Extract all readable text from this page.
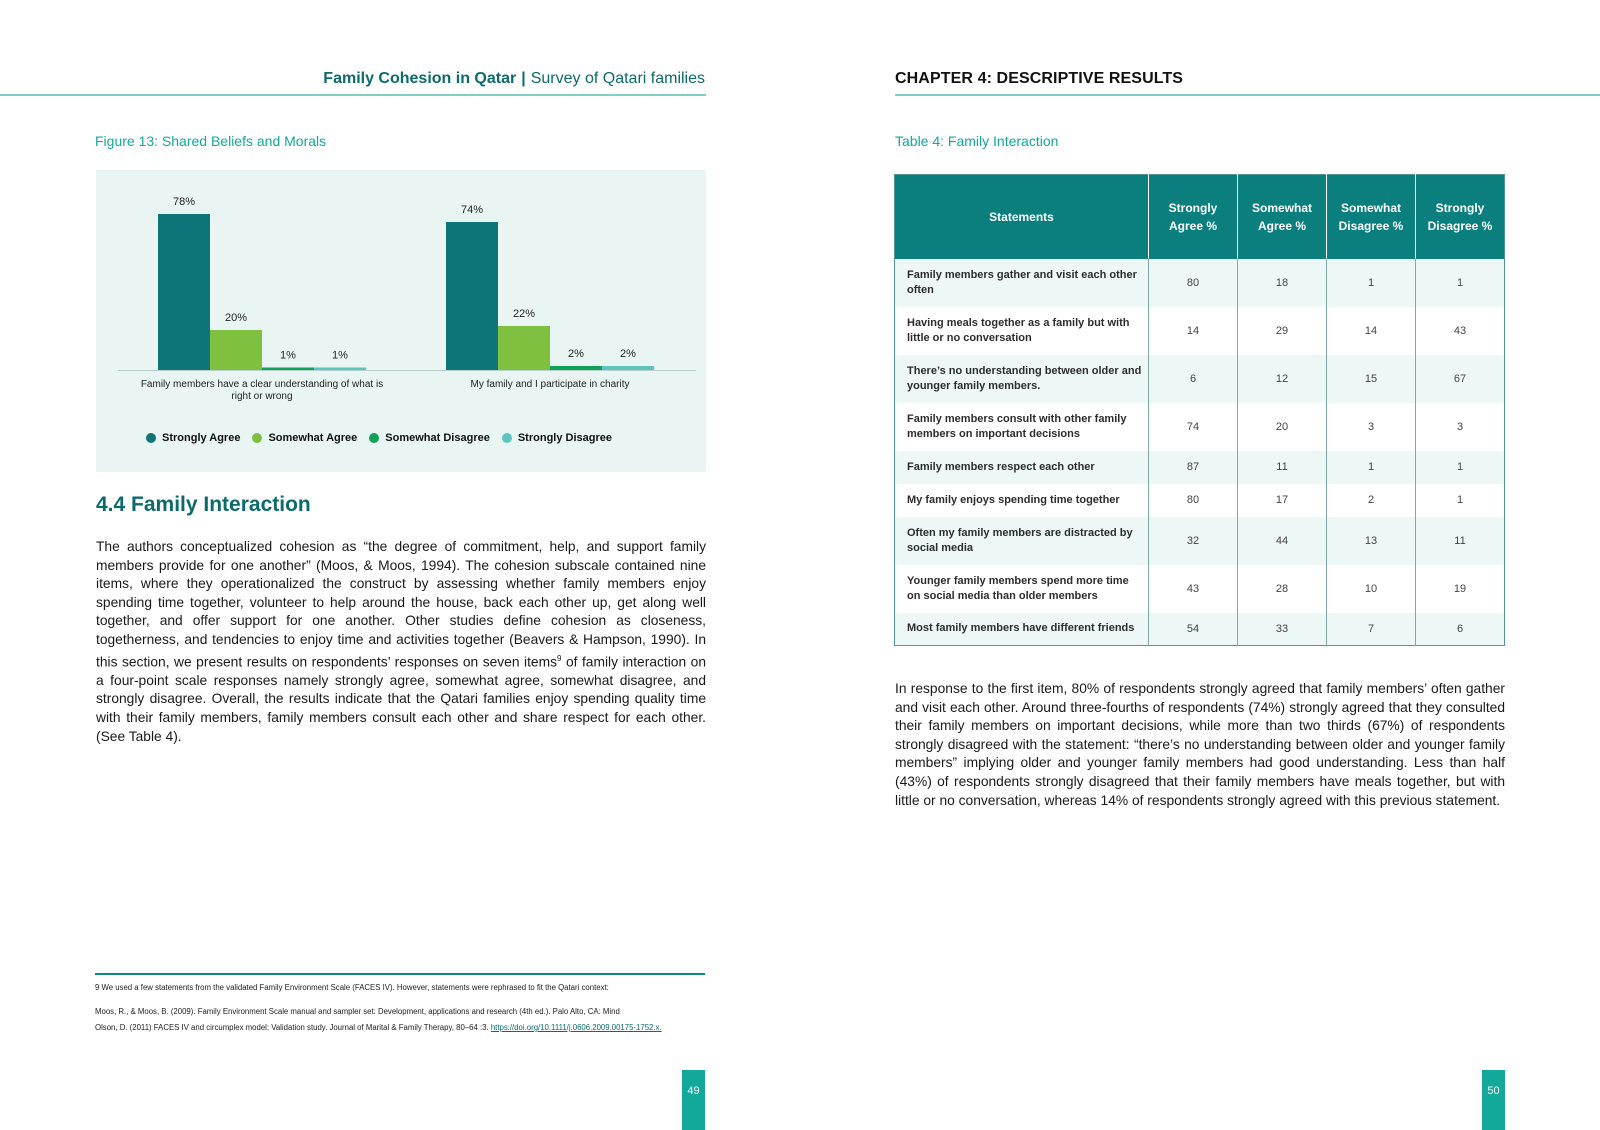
Family Cohesion in Qatar | Survey of Qatari families	CHAPTER 4: DESCRIPTIVE RESULTS
Figure 13: Shared Beliefs and Morals
78%
20%
1%	1%
Family members have a clear understanding of what is
right or wrong
74%
22%
2%	2%
My family and I participate in charity
Strongly Agree	Somewhat Agree	Somewhat Disagree	Strongly Disagree
4.4 Family Interaction
The authors conceptualized cohesion as “the degree of commitment, help, and support family members provide for one another” (Moos, & Moos, 1994). The cohesion subscale contained nine items, where they operationalized the construct by assessing whether family members enjoy spending time together, volunteer to help around the house, back each other up, get along well together, and offer support for one another. Other studies define cohesion as closeness, togetherness, and tendencies to enjoy time and activities together (Beavers & Hampson, 1990). In this section, we present results on respondents’ responses on seven items$^9$ of family interaction on a four-point scale responses namely strongly agree, somewhat agree, somewhat disagree, and strongly disagree. Overall, the results indicate that the Qatari families enjoy spending quality time with their family members, family members consult each other and share respect for each other. (See Table 4).
9 We used a few statements from the validated Family Environment Scale (FACES IV). However, statements were rephrased to fit the Qatari context:
Moos, R., & Moos, B. (2009). Family Environment Scale manual and sampler set: Development, applications and research (4th ed.). Palo Alto, CA: Mind
Olson, D. (2011) FACES IV and circumplex model: Validation study. Journal of Marital & Family Therapy, 80–64 :3. https://doi.org/10.1111/j.0606.2009.00175-1752.x.
49	50
Table 4: Family Interaction
Statements	Strongly Agree %	Somewhat Agree %	Somewhat Disagree %	Strongly Disagree %
Family members gather and visit each other often	80	18	1	1
Having meals together as a family but with little or no conversation	14	29	14	43
There’s no understanding between older and younger family members.	6	12	15	67
Family members consult with other family members on important decisions	74	20	3	3
Family members respect each other	87	11	1	1
My family enjoys spending time together	80	17	2	1
Often my family members are distracted by social media	32	44	13	11
Younger family members spend more time on social media than older members	43	28	10	19
Most family members have different friends	54	33	7	6
In response to the first item, 80% of respondents strongly agreed that family members’ often gather and visit each other. Around three-fourths of respondents (74%) strongly agreed that they consulted their family members on important decisions, while more than two thirds (67%) of respondents strongly disagreed with the statement: “there’s no understanding between older and younger family members” implying older and younger family members had good understanding. Less than half (43%) of respondents strongly disagreed that their family members have meals together, but with little or no conversation, whereas 14% of respondents strongly agreed with this previous statement.
